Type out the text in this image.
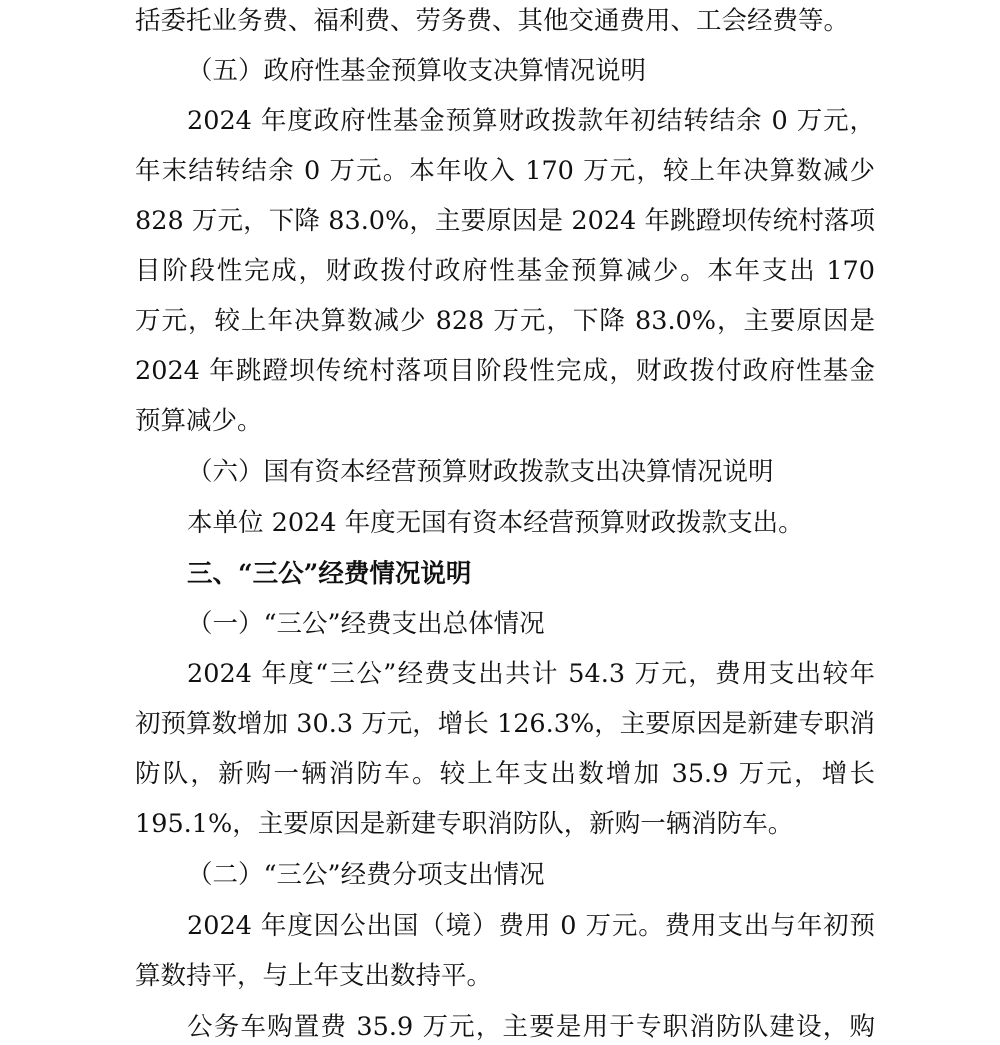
括委托业务费、福利费、劳务费、其他交通费用、工会经费等。
（五）政府性基金预算收支决算情况说明
2024 年度政府性基金预算财政拨款年初结转结余 0 万元，
年末结转结余 0 万元。本年收入 170 万元，较上年决算数减少
828 万元，下降 83.0%，主要原因是 2024 年跳蹬坝传统村落项
目阶段性完成，财政拨付政府性基金预算减少。本年支出 170
万元，较上年决算数减少 828 万元，下降 83.0%，主要原因是
2024 年跳蹬坝传统村落项目阶段性完成，财政拨付政府性基金
预算减少。
（六）国有资本经营预算财政拨款支出决算情况说明
本单位 2024 年度无国有资本经营预算财政拨款支出。
三、“三公”经费情况说明
（一）“三公”经费支出总体情况
2024 年度“三公”经费支出共计 54.3 万元，费用支出较年
初预算数增加 30.3 万元，增长 126.3%，主要原因是新建专职消
防队，新购一辆消防车。较上年支出数增加 35.9 万元，增长
195.1%，主要原因是新建专职消防队，新购一辆消防车。
（二）“三公”经费分项支出情况
2024 年度因公出国（境）费用 0 万元。费用支出与年初预
算数持平，与上年支出数持平。
公务车购置费 35.9 万元，主要是用于专职消防队建设，购
